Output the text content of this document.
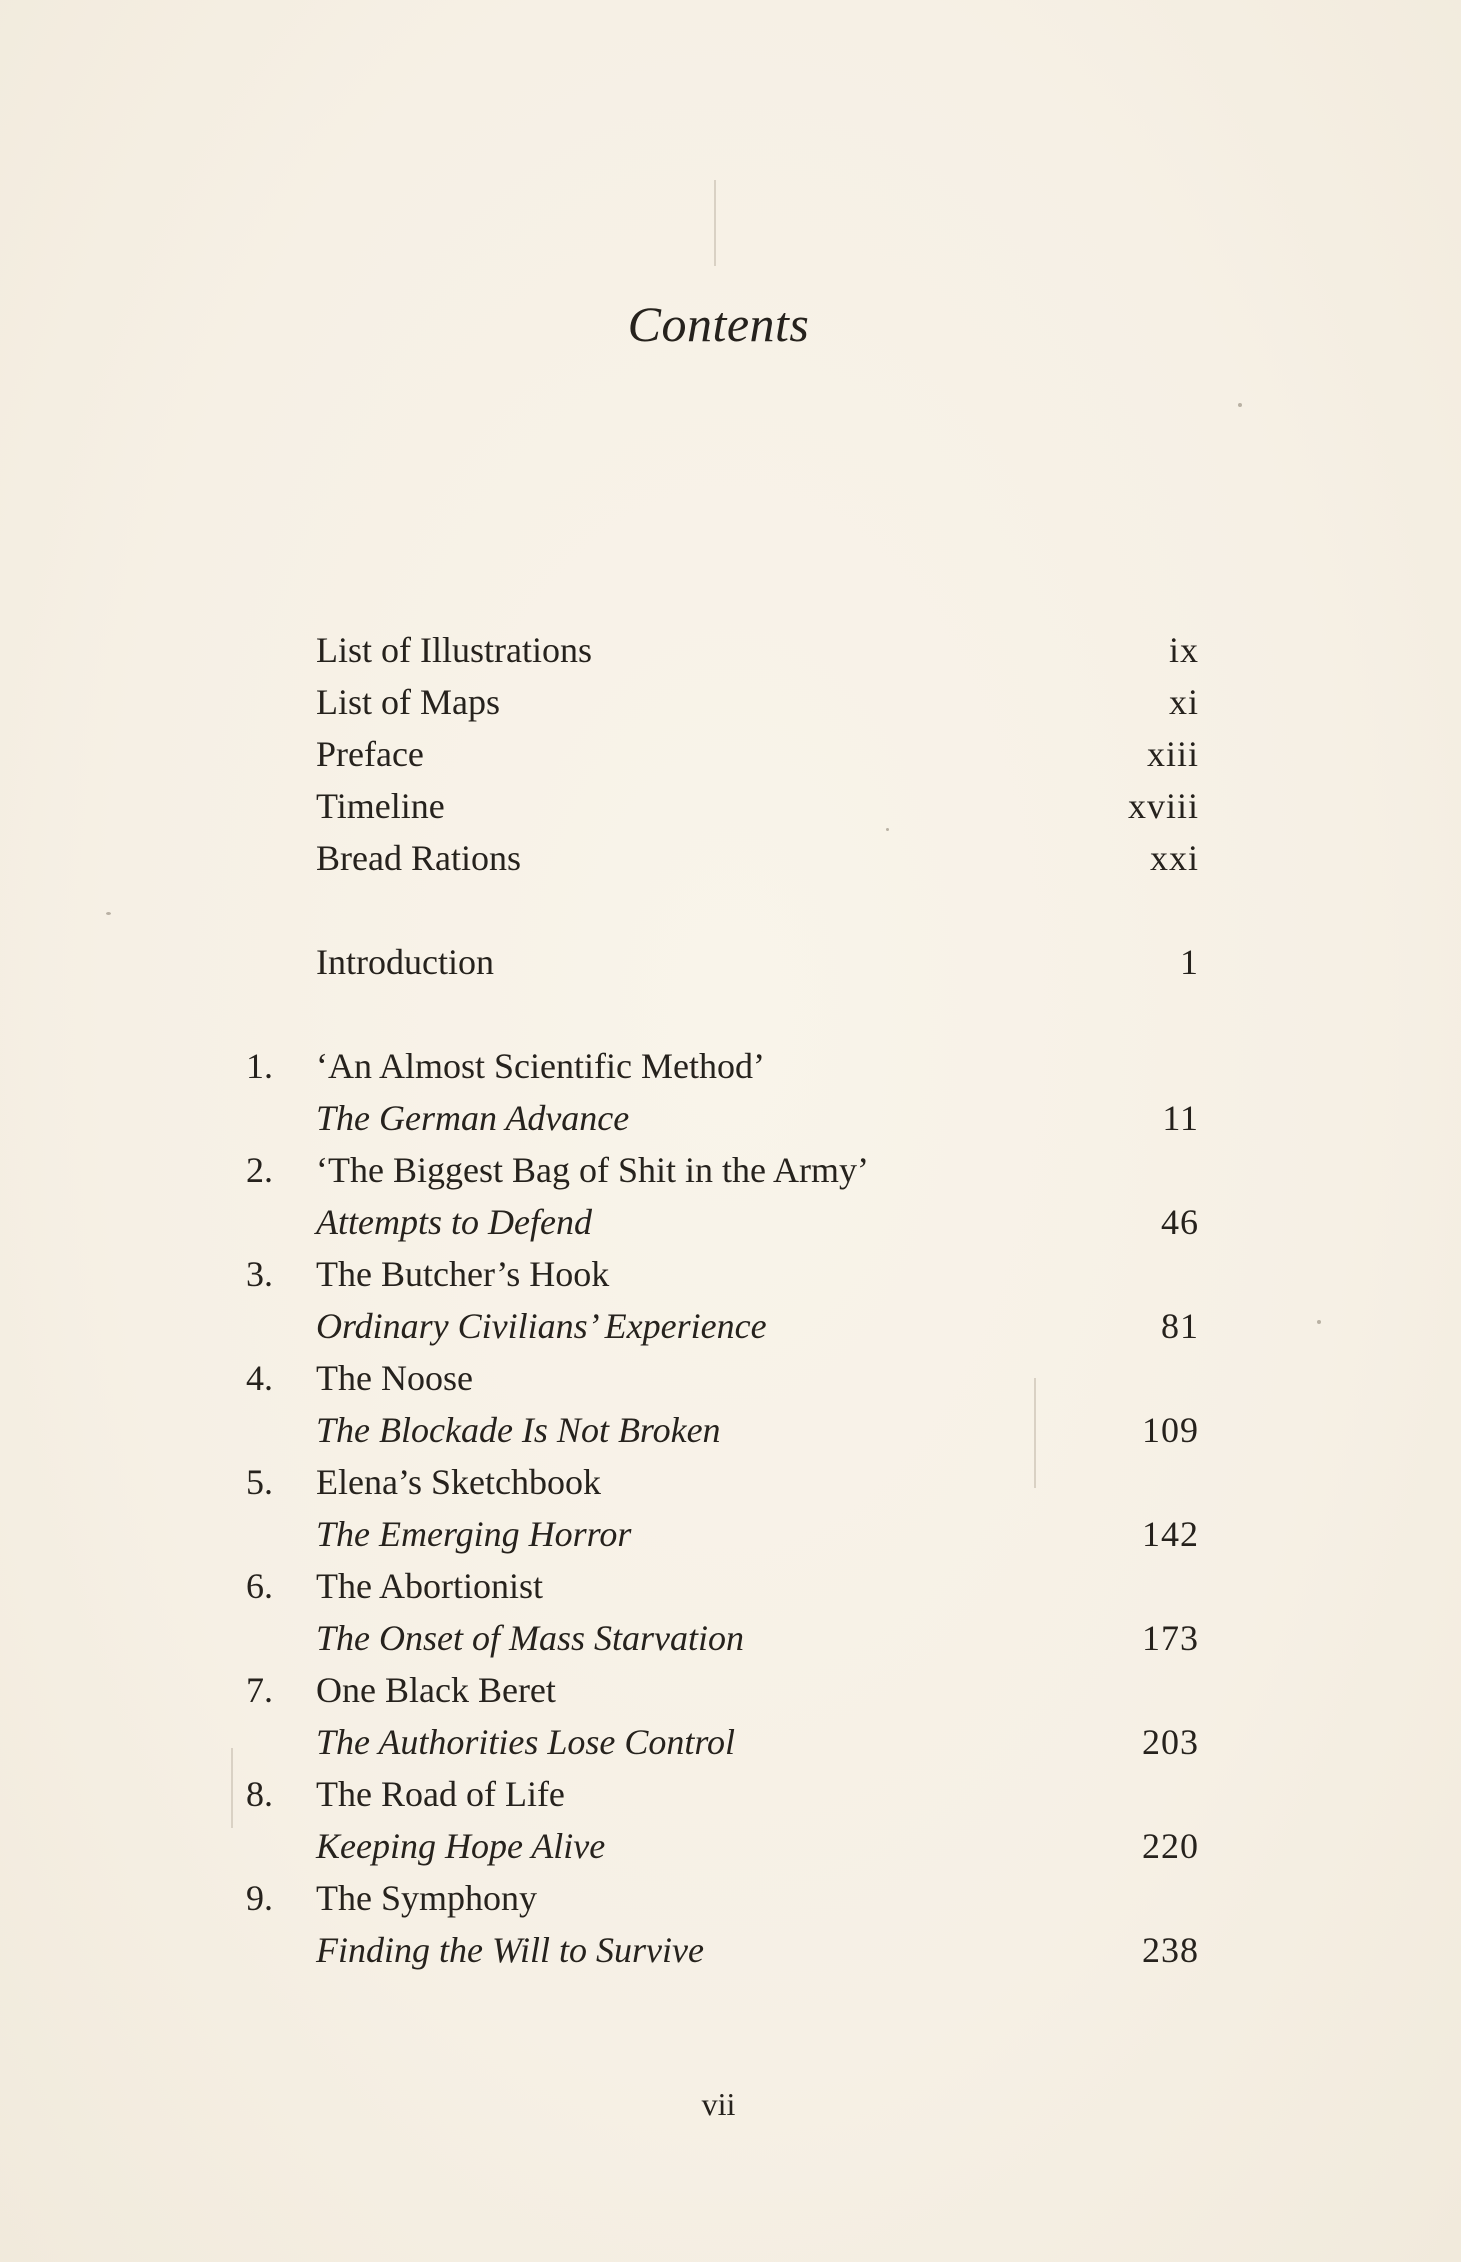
Contents
List of Illustrations	ix
List of Maps	xi
Preface	xiii
Timeline	xviii
Bread Rations	xxi
Introduction	1
1.	‘An Almost Scientific Method’
The German Advance	11
2.	‘The Biggest Bag of Shit in the Army’
Attempts to Defend	46
3.	The Butcher’s Hook
Ordinary Civilians’ Experience	81
4.	The Noose
The Blockade Is Not Broken	109
5.	Elena’s Sketchbook
The Emerging Horror	142
6.	The Abortionist
The Onset of Mass Starvation	173
7.	One Black Beret
The Authorities Lose Control	203
8.	The Road of Life
Keeping Hope Alive	220
9.	The Symphony
Finding the Will to Survive	238
vii
